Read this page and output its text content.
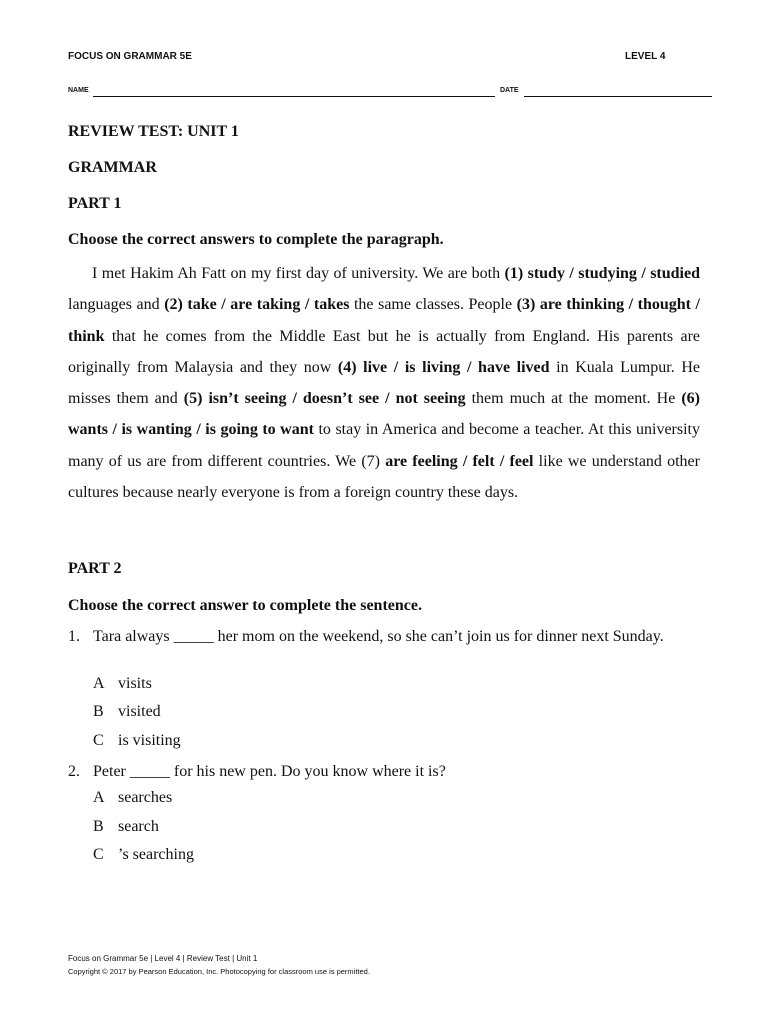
FOCUS ON GRAMMAR 5E	LEVEL 4
NAME	DATE
REVIEW TEST: UNIT 1
GRAMMAR
PART 1
Choose the correct answers to complete the paragraph.

I met Hakim Ah Fatt on my first day of university. We are both (1) study / studying / studied languages and (2) take / are taking / takes the same classes. People (3) are thinking / thought / think that he comes from the Middle East but he is actually from England. His parents are originally from Malaysia and they now (4) live / is living / have lived in Kuala Lumpur. He misses them and (5) isn’t seeing / doesn’t see / not seeing them much at the moment. He (6) wants / is wanting / is going to want to stay in America and become a teacher. At this university many of us are from different countries. We (7) are feeling / felt / feel like we understand other cultures because nearly everyone is from a foreign country these days.

PART 2
Choose the correct answer to complete the sentence.
1. Tara always _____ her mom on the weekend, so she can’t join us for dinner next Sunday.
A visits
B visited
C is visiting
2. Peter _____ for his new pen. Do you know where it is?
A searches
B search
C ’s searching
Focus on Grammar 5e | Level 4 | Review Test | Unit 1
Copyright © 2017 by Pearson Education, Inc. Photocopying for classroom use is permitted.
